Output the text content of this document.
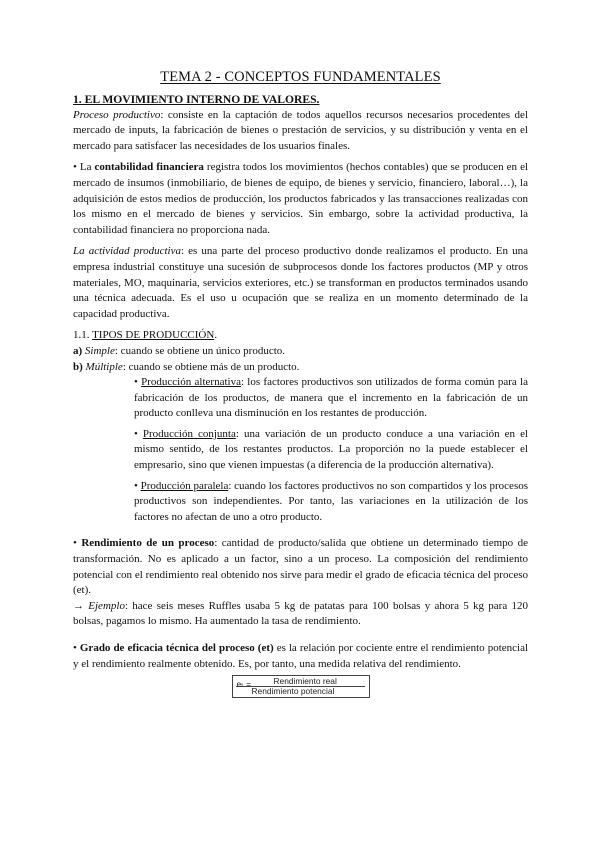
TEMA 2 - CONCEPTOS FUNDAMENTALES
1. EL MOVIMIENTO INTERNO DE VALORES.

Proceso productivo: consiste en la captación de todos aquellos recursos necesarios procedentes del mercado de inputs, la fabricación de bienes o prestación de servicios, y su distribución y venta en el mercado para satisfacer las necesidades de los usuarios finales.

• La contabilidad financiera registra todos los movimientos (hechos contables) que se producen en el mercado de insumos (inmobiliario, de bienes de equipo, de bienes y servicio, financiero, laboral…), la adquisición de estos medios de producción, los productos fabricados y las transacciones realizadas con los mismo en el mercado de bienes y servicios. Sin embargo, sobre la actividad productiva, la contabilidad financiera no proporciona nada.

La actividad productiva: es una parte del proceso productivo donde realizamos el producto. En una empresa industrial constituye una sucesión de subprocesos donde los factores productos (MP y otros materiales, MO, maquinaria, servicios exteriores, etc.) se transforman en productos terminados usando una técnica adecuada. Es el uso u ocupación que se realiza en un momento determinado de la capacidad productiva.

1.1. TIPOS DE PRODUCCIÓN.

a) Simple: cuando se obtiene un único producto.

b) Múltiple: cuando se obtiene más de un producto.

• Producción alternativa: los factores productivos son utilizados de forma común para la fabricación de los productos, de manera que el incremento en la fabricación de un producto conlleva una disminución en los restantes de producción.

• Producción conjunta: una variación de un producto conduce a una variación en el mismo sentido, de los restantes productos. La proporción no la puede establecer el empresario, sino que vienen impuestas (a diferencia de la producción alternativa).

• Producción paralela: cuando los factores productivos no son compartidos y los procesos productivos son independientes. Por tanto, las variaciones en la utilización de los factores no afectan de uno a otro producto.

• Rendimiento de un proceso: cantidad de producto/salida que obtiene un determinado tiempo de transformación. No es aplicado a un factor, sino a un proceso. La composición del rendimiento potencial con el rendimiento real obtenido nos sirve para medir el grado de eficacia técnica del proceso (et).

→ Ejemplo: hace seis meses Ruffles usaba 5 kg de patatas para 100 bolsas y ahora 5 kg para 120 bolsas, pagamos lo mismo. Ha aumentado la tasa de rendimiento.

• Grado de eficacia técnica del proceso (et) es la relación por cociente entre el rendimiento potencial y el rendimiento realmente obtenido. Es, por tanto, una medida relativa del rendimiento.

eₜ =	Rendimiento real
Rendimiento potencial
